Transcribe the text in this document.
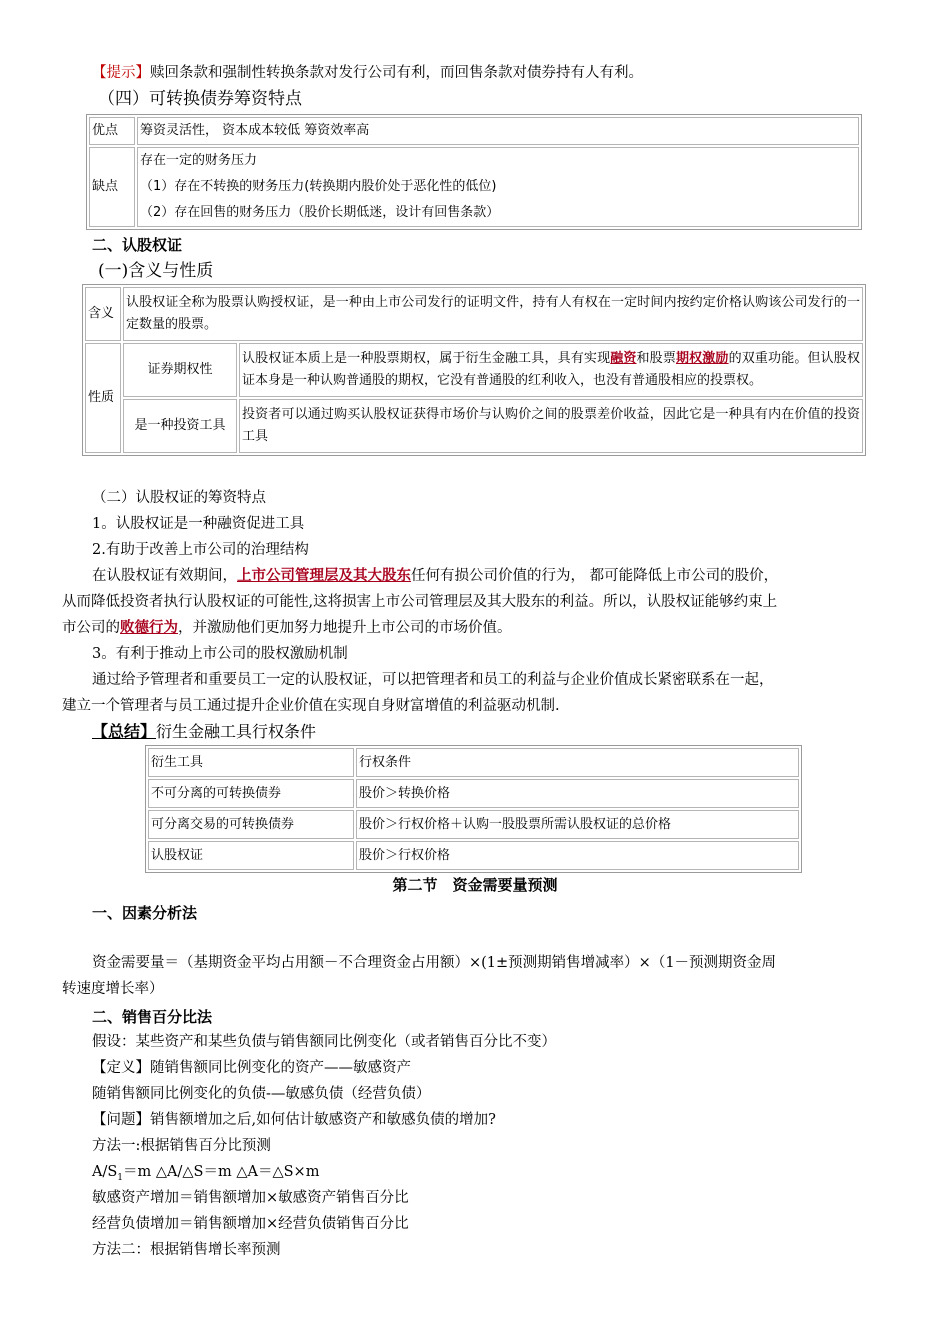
【提示】赎回条款和强制性转换条款对发行公司有利，而回售条款对债券持有人有利。
（四）可转换债券筹资特点
优点	筹资灵活性， 资本成本较低 筹资效率高
缺点	存在一定的财务压力
（1）存在不转换的财务压力(转换期内股价处于恶化性的低位)
（2）存在回售的财务压力（股价长期低迷，设计有回售条款）
二、认股权证
(一)含义与性质
含义	认股权证全称为股票认购授权证，是一种由上市公司发行的证明文件，持有人有权在一定时间内按约定价格认购该公司发行的一定数量的股票。	
性质	证券期权性	认股权证本质上是一种股票期权，属于衍生金融工具，具有实现融资和股票期权激励的双重功能。但认股权证本身是一种认购普通股的期权，它没有普通股的红利收入，也没有普通股相应的投票权。
	是一种投资工具	投资者可以通过购买认股权证获得市场价与认购价之间的股票差价收益，因此它是一种具有内在价值的投资工具
（二）认股权证的筹资特点
1。认股权证是一种融资促进工具
2.有助于改善上市公司的治理结构
在认股权证有效期间，上市公司管理层及其大股东任何有损公司价值的行为， 都可能降低上市公司的股价，
从而降低投资者执行认股权证的可能性,这将损害上市公司管理层及其大股东的利益。所以，认股权证能够约束上
市公司的败德行为，并激励他们更加努力地提升上市公司的市场价值。
3。有利于推动上市公司的股权激励机制
通过给予管理者和重要员工一定的认股权证，可以把管理者和员工的利益与企业价值成长紧密联系在一起，
建立一个管理者与员工通过提升企业价值在实现自身财富增值的利益驱动机制.
【总结】衍生金融工具行权条件
衍生工具	行权条件
不可分离的可转换债券	股价＞转换价格
可分离交易的可转换债券	股价＞行权价格＋认购一股股票所需认股权证的总价格
认股权证	股价＞行权价格
第二节　资金需要量预测
一、因素分析法
资金需要量＝（基期资金平均占用额－不合理资金占用额）×(1±预测期销售增减率）×（1－预测期资金周
转速度增长率）
二、销售百分比法
假设：某些资产和某些负债与销售额同比例变化（或者销售百分比不变）
【定义】随销售额同比例变化的资产——敏感资产
随销售额同比例变化的负债-—敏感负债（经营负债）
【问题】销售额增加之后,如何估计敏感资产和敏感负债的增加?
方法一:根据销售百分比预测
$A/S_1=m$ △A/△S＝m △A＝△S×m
敏感资产增加＝销售额增加×敏感资产销售百分比
经营负债增加＝销售额增加×经营负债销售百分比
方法二：根据销售增长率预测
